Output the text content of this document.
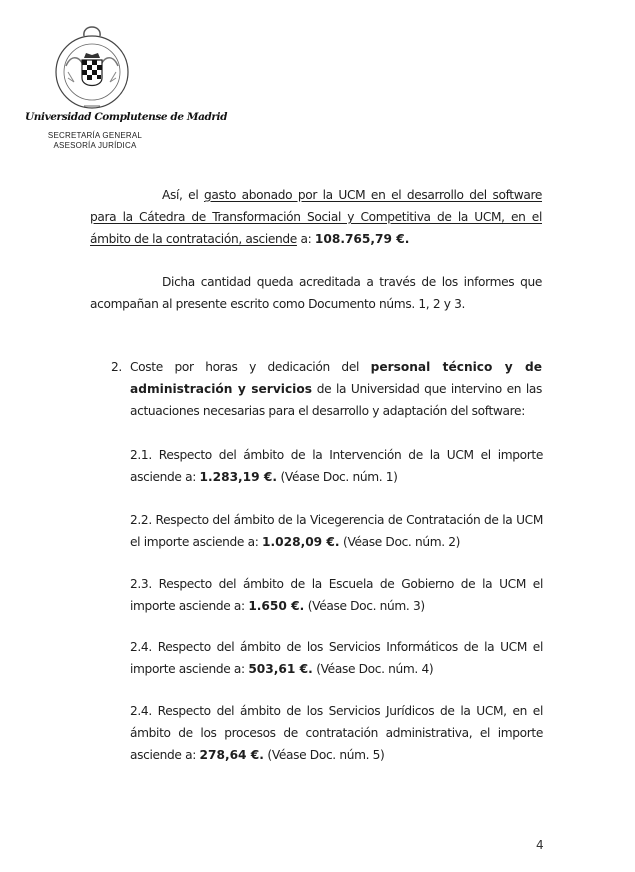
Universidad Complutense de Madrid
SECRETARÍA GENERAL
ASESORÍA JURÍDICA
Así, el gasto abonado por la UCM en el desarrollo del software para la Cátedra de Transformación Social y Competitiva de la UCM, en el ámbito de la contratación, asciende a: 108.765,79 €.
Dicha cantidad queda acreditada a través de los informes que acompañan al presente escrito como Documento núms. 1, 2 y 3.
2. Coste por horas y dedicación del personal técnico y de administración y servicios de la Universidad que intervino en las actuaciones necesarias para el desarrollo y adaptación del software:
2.1. Respecto del ámbito de la Intervención de la UCM el importe asciende a: 1.283,19 €. (Véase Doc. núm. 1)
2.2. Respecto del ámbito de la Vicegerencia de Contratación de la UCM el importe asciende a: 1.028,09 €. (Véase Doc. núm. 2)
2.3. Respecto del ámbito de la Escuela de Gobierno de la UCM el importe asciende a: 1.650 €. (Véase Doc. núm. 3)
2.4. Respecto del ámbito de los Servicios Informáticos de la UCM el importe asciende a: 503,61 €. (Véase Doc. núm. 4)
2.4. Respecto del ámbito de los Servicios Jurídicos de la UCM, en el ámbito de los procesos de contratación administrativa, el importe asciende a: 278,64 €. (Véase Doc. núm. 5)
4
